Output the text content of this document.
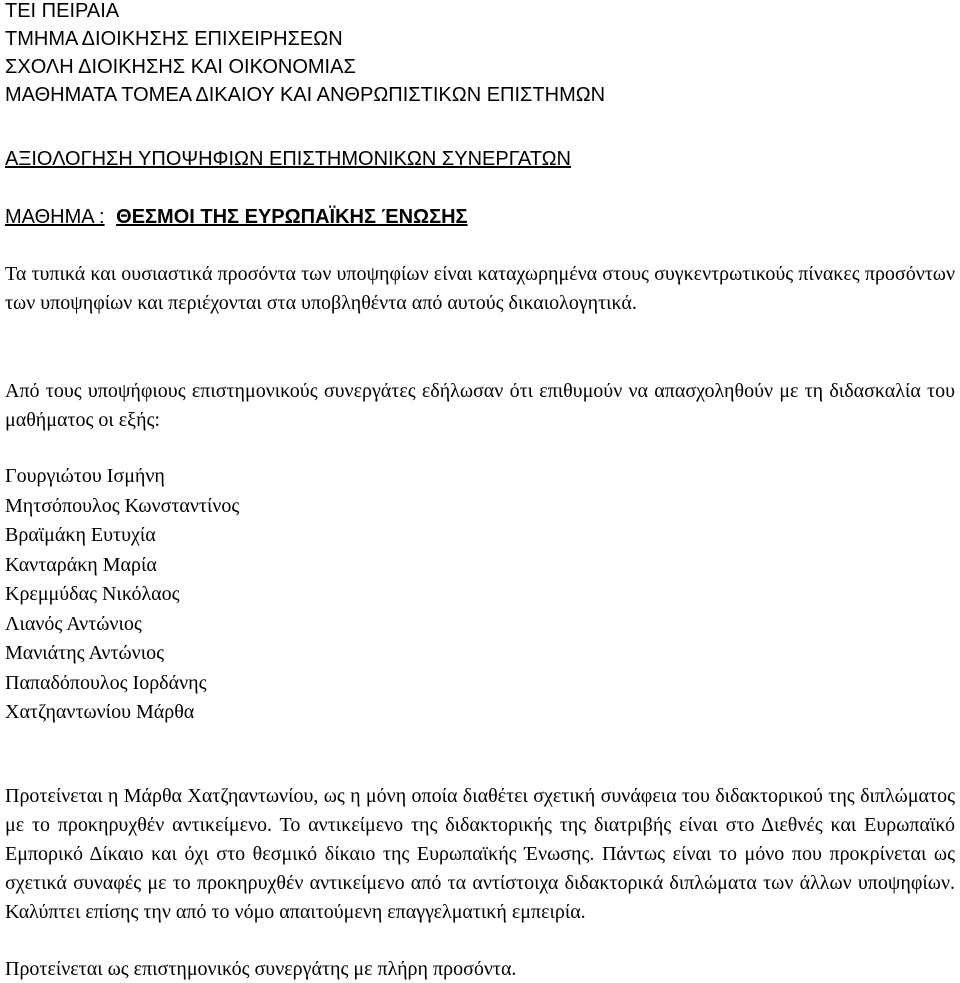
ΤΕΙ ΠΕΙΡΑΙΑ
ΤΜΗΜΑ ΔΙΟΙΚΗΣΗΣ ΕΠΙΧΕΙΡΗΣΕΩΝ
ΣΧΟΛΗ ΔΙΟΙΚΗΣΗΣ ΚΑΙ ΟΙΚΟΝΟΜΙΑΣ
ΜΑΘΗΜΑΤΑ ΤΟΜΕΑ ΔΙΚΑΙΟΥ ΚΑΙ ΑΝΘΡΩΠΙΣΤΙΚΩΝ ΕΠΙΣΤΗΜΩΝ
ΑΞΙΟΛΟΓΗΣΗ ΥΠΟΨΗΦΙΩΝ ΕΠΙΣΤΗΜΟΝΙΚΩΝ ΣΥΝΕΡΓΑΤΩΝ
ΜΑΘΗΜΑ : ΘΕΣΜΟΙ ΤΗΣ ΕΥΡΩΠΑΪΚΗΣ ΈΝΩΣΗΣ
Τα τυπικά και ουσιαστικά προσόντα των υποψηφίων είναι καταχωρημένα στους συγκεντρωτικούς πίνακες προσόντων των υποψηφίων και περιέχονται στα υποβληθέντα από αυτούς δικαιολογητικά.
Από τους υποψήφιους επιστημονικούς συνεργάτες εδήλωσαν ότι επιθυμούν να απασχοληθούν με τη διδασκαλία του μαθήματος οι εξής:
Γουργιώτου Ισμήνη
Μητσόπουλος Κωνσταντίνος
Βραϊμάκη Ευτυχία
Κανταράκη Μαρία
Κρεμμύδας Νικόλαος
Λιανός Αντώνιος
Μανιάτης Αντώνιος
Παπαδόπουλος Ιορδάνης
Χατζηαντωνίου Μάρθα
Προτείνεται η Μάρθα Χατζηαντωνίου, ως η μόνη οποία διαθέτει σχετική συνάφεια του διδακτορικού της διπλώματος με το προκηρυχθέν αντικείμενο. Το αντικείμενο της διδακτορικής της διατριβής είναι στο Διεθνές και Ευρωπαϊκό Εμπορικό Δίκαιο και όχι στο θεσμικό δίκαιο της Ευρωπαϊκής Ένωσης. Πάντως είναι το μόνο που προκρίνεται ως σχετικά συναφές με το προκηρυχθέν αντικείμενο από τα αντίστοιχα διδακτορικά διπλώματα των άλλων υποψηφίων. Καλύπτει επίσης την από το νόμο απαιτούμενη επαγγελματική εμπειρία.
Προτείνεται ως επιστημονικός συνεργάτης με πλήρη προσόντα.
